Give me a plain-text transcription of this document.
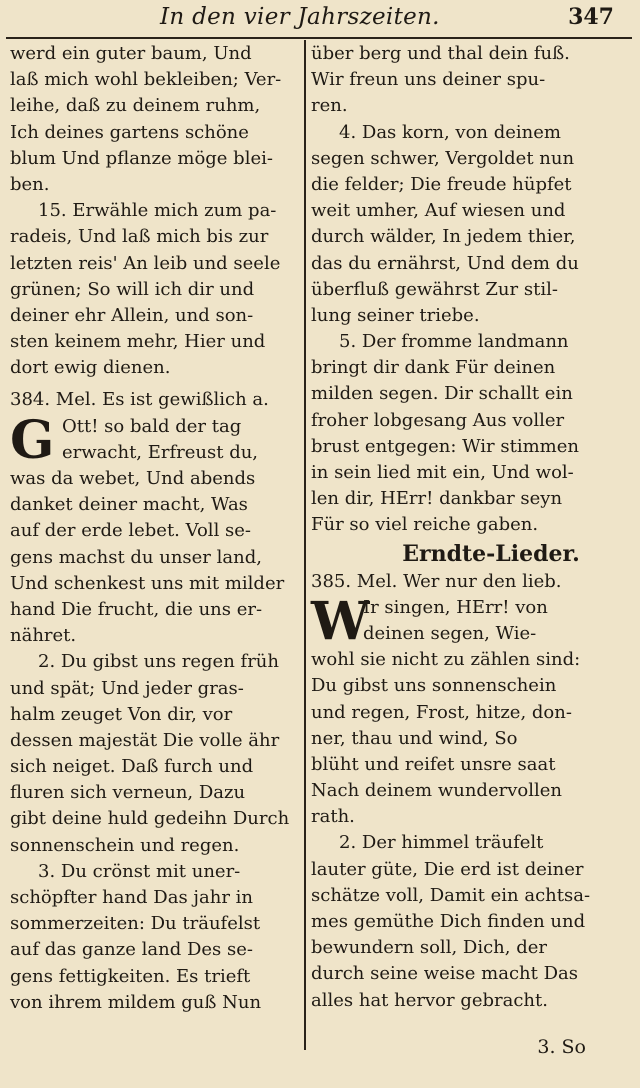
In den vier Jahrszeiten.	347
werd ein guter baum, Und
laß mich wohl bekleiben; Ver-
leihe, daß zu deinem ruhm,
Ich deines gartens schöne
blum Und pflanze möge blei-
ben.
15. Erwähle mich zum pa-
radeis, Und laß mich bis zur
letzten reis' An leib und seele
grünen; So will ich dir und
deiner ehr Allein, und son-
sten keinem mehr, Hier und
dort ewig dienen.
384. Mel. Es ist gewißlich a.
G Ott! so bald der tag
erwacht, Erfreust du,
was da webet, Und abends
danket deiner macht, Was
auf der erde lebet. Voll se-
gens machst du unser land,
Und schenkest uns mit milder
hand Die frucht, die uns er-
nähret.
2. Du gibst uns regen früh
und spät; Und jeder gras-
halm zeuget Von dir, vor
dessen majestät Die volle ähr
sich neiget. Daß furch und
fluren sich verneun, Dazu
gibt deine huld gedeihn Durch
sonnenschein und regen.
3. Du crönst mit uner-
schöpfter hand Das jahr in
sommerzeiten: Du träufelst
auf das ganze land Des se-
gens fettigkeiten. Es trieft
von ihrem mildem guß Nun
über berg und thal dein fuß.
Wir freun uns deiner spu-
ren.
4. Das korn, von deinem
segen schwer, Vergoldet nun
die felder; Die freude hüpfet
weit umher, Auf wiesen und
durch wälder, In jedem thier,
das du ernährst, Und dem du
überfluß gewährst Zur stil-
lung seiner triebe.
5. Der fromme landmann
bringt dir dank Für deinen
milden segen. Dir schallt ein
froher lobgesang Aus voller
brust entgegen: Wir stimmen
in sein lied mit ein, Und wol-
len dir, HErr! dankbar seyn
Für so viel reiche gaben.
Erndte-Lieder.
385. Mel. Wer nur den lieb.
W
Ir singen, HErr! von
deinen segen, Wie-
wohl sie nicht zu zählen sind:
Du gibst uns sonnenschein
und regen, Frost, hitze, don-
ner, thau und wind, So
blüht und reifet unsre saat
Nach deinem wundervollen
rath.
2. Der himmel träufelt
lauter güte, Die erd ist deiner
schätze voll, Damit ein achtsa-
mes gemüthe Dich finden und
bewundern soll, Dich, der
durch seine weise macht Das
alles hat hervor gebracht.
3. So
